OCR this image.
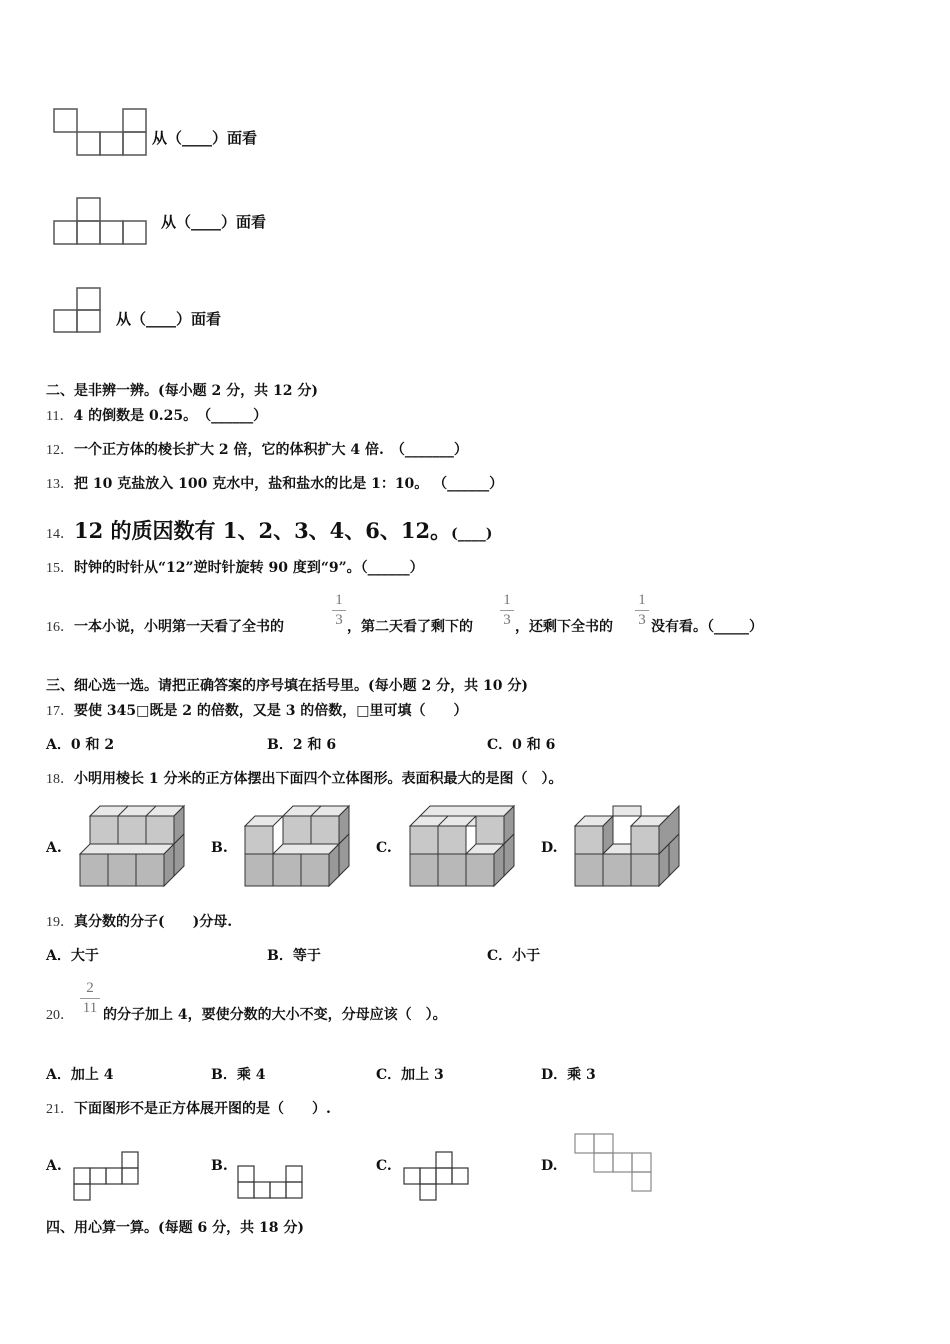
从（____）面看
从（____）面看
从（____）面看
二、是非辨一辨。(每小题 2 分，共 12 分)
11．4 的倒数是 0.25。　（______）
12．一个正方体的棱长扩大 2 倍，它的体积扩大 4 倍.　（_______）
13．把 10 克盐放入 100 克水中，盐和盐水的比是 1：10。 （______）
14．12 的质因数有 1、2、3、4、6、12。(____)
15．时钟的时针从“12”逆时针旋转 90 度到“9”。（______）
16．一本小说，小明第一天看了全书的
1
3 ，第二天看了剩下的
1
3 ，还剩下全书的
1
3 没有看。（_____）
三、细心选一选。请把正确答案的序号填在括号里。(每小题 2 分，共 10 分)
17．要使 345□既是 2 的倍数，又是 3 的倍数，□里可填（　　）
A．0 和 2	B．2 和 6	C．0 和 6
18．小明用棱长 1 分米的正方体摆出下面四个立体图形。表面积最大的是图（　）。
A.	B.	C.	D.
19．真分数的分子(　　)分母.
A．大于	B．等于	C．小于
20．
2
11 的分子加上 4，要使分数的大小不变，分母应该（　）。
A．加上 4	B．乘 4	C．加上 3	D．乘 3
21．下面图形不是正方体展开图的是（　　）.
A.	B.	C.	D.
四、用心算一算。(每题 6 分，共 18 分)
